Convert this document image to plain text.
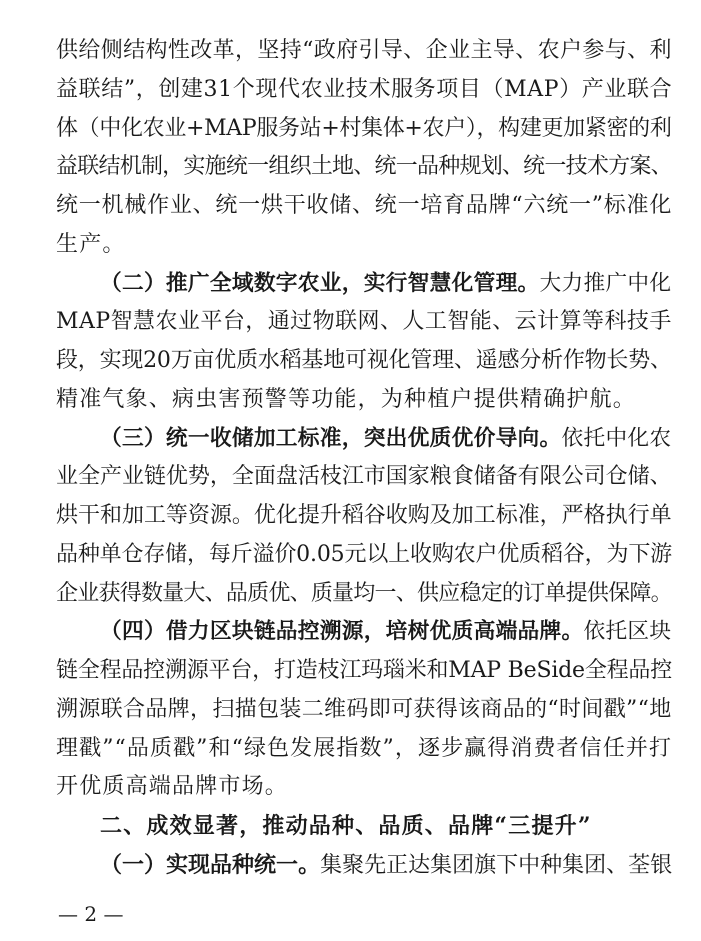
供给侧结构性改革，坚持“政府引导、企业主导、农户参与、利
益联结”，创建31个现代农业技术服务项目（MAP）产业联合
体（中化农业+MAP服务站+村集体+农户），构建更加紧密的利
益联结机制，实施统一组织土地、统一品种规划、统一技术方案、
统一机械作业、统一烘干收储、统一培育品牌“六统一”标准化
生产。
（二）推广全域数字农业，实行智慧化管理。大力推广中化
MAP智慧农业平台，通过物联网、人工智能、云计算等科技手
段，实现20万亩优质水稻基地可视化管理、遥感分析作物长势、
精准气象、病虫害预警等功能，为种植户提供精确护航。
（三）统一收储加工标准，突出优质优价导向。依托中化农
业全产业链优势，全面盘活枝江市国家粮食储备有限公司仓储、
烘干和加工等资源。优化提升稻谷收购及加工标准，严格执行单
品种单仓存储，每斤溢价0.05元以上收购农户优质稻谷，为下游
企业获得数量大、品质优、质量均一、供应稳定的订单提供保障。
（四）借力区块链品控溯源，培树优质高端品牌。依托区块
链全程品控溯源平台，打造枝江玛瑙米和MAP BeSide全程品控
溯源联合品牌，扫描包装二维码即可获得该商品的“时间戳”“地
理戳”“品质戳”和“绿色发展指数”，逐步赢得消费者信任并打
开优质高端品牌市场。
二、成效显著，推动品种、品质、品牌“三提升”
（一）实现品种统一。集聚先正达集团旗下中种集团、荃银
— 2 —
